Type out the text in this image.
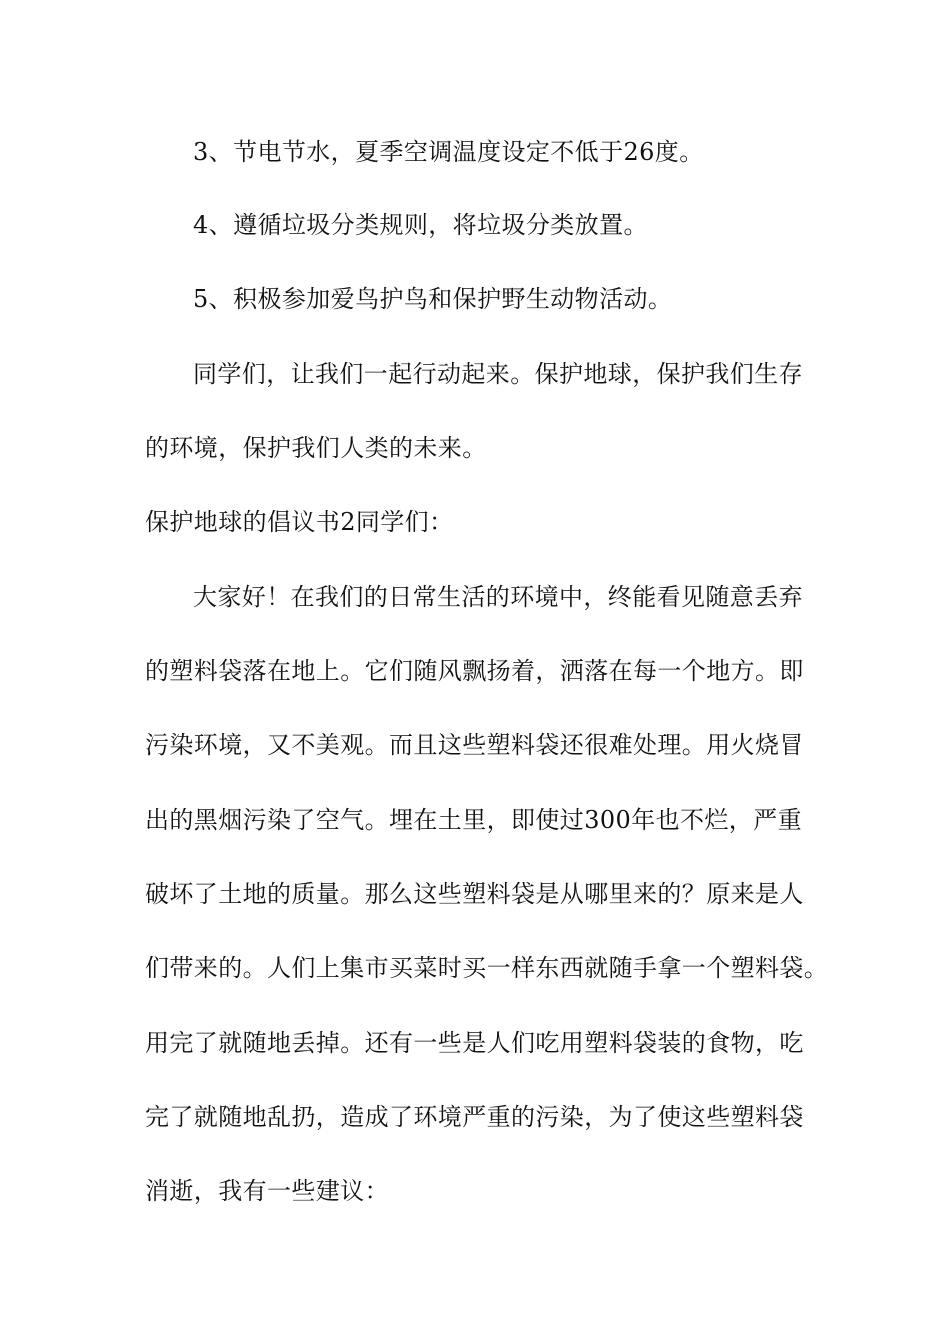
3、节电节水，夏季空调温度设定不低于26度。
4、遵循垃圾分类规则，将垃圾分类放置。
5、积极参加爱鸟护鸟和保护野生动物活动。
同学们，让我们一起行动起来。保护地球，保护我们生存
的环境，保护我们人类的未来。
保护地球的倡议书2同学们：
大家好！在我们的日常生活的环境中，终能看见随意丢弃
的塑料袋落在地上。它们随风飘扬着，洒落在每一个地方。即
污染环境，又不美观。而且这些塑料袋还很难处理。用火烧冒
出的黑烟污染了空气。埋在土里，即使过300年也不烂，严重
破坏了土地的质量。那么这些塑料袋是从哪里来的？原来是人
们带来的。人们上集市买菜时买一样东西就随手拿一个塑料袋。
用完了就随地丢掉。还有一些是人们吃用塑料袋装的食物，吃
完了就随地乱扔，造成了环境严重的污染，为了使这些塑料袋
消逝，我有一些建议：
